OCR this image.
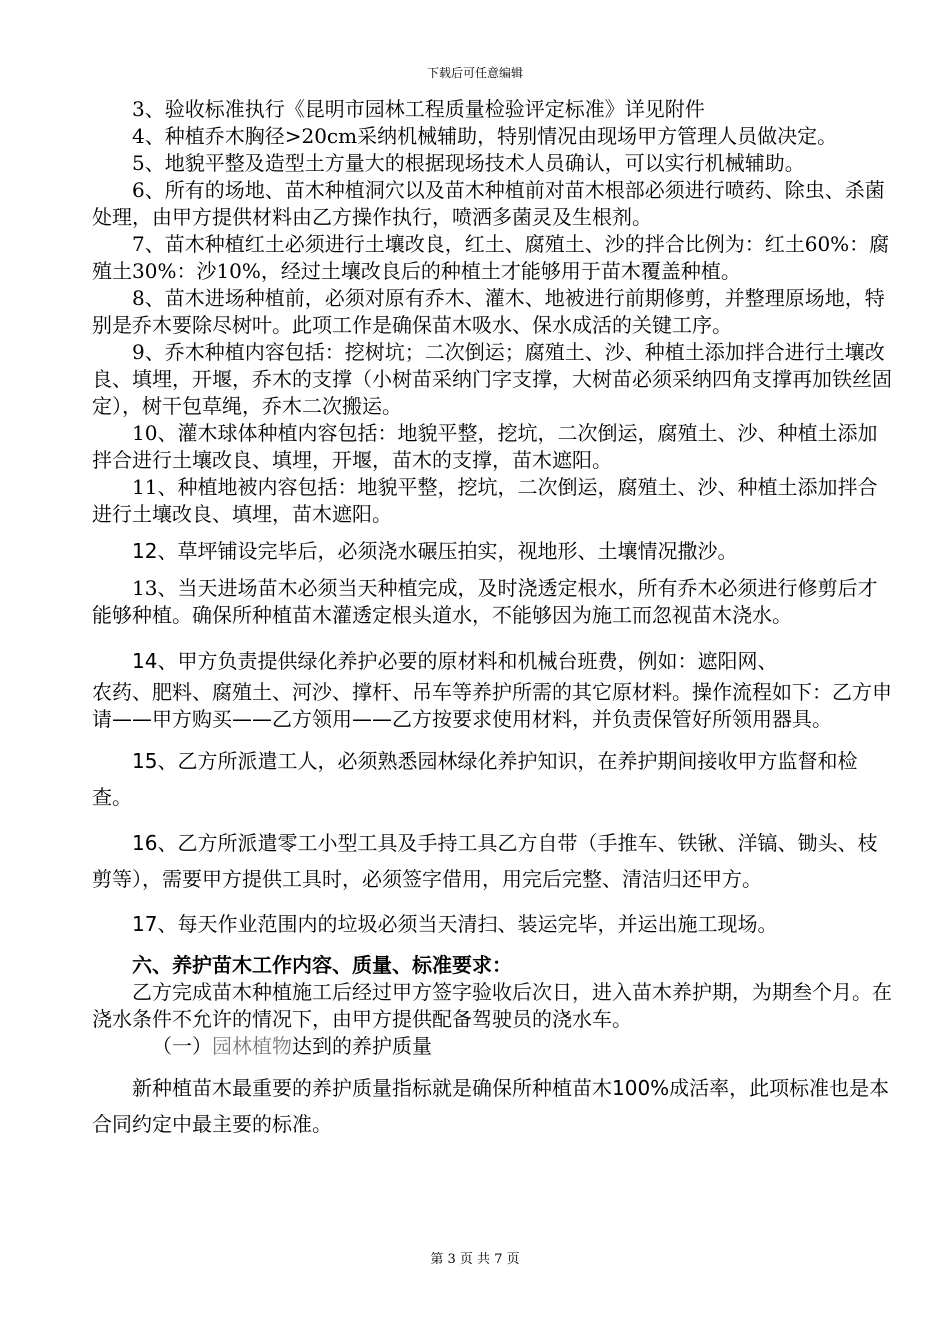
下载后可任意编辑

3、验收标准执行《昆明市园林工程质量检验评定标准》详见附件

4、种植乔木胸径>20cm采纳机械辅助，特别情况由现场甲方管理人员做决定。

5、地貌平整及造型土方量大的根据现场技术人员确认，可以实行机械辅助。

6、所有的场地、苗木种植洞穴以及苗木种植前对苗木根部必须进行喷药、除虫、杀菌处理，由甲方提供材料由乙方操作执行，喷洒多菌灵及生根剂。

7、苗木种植红土必须进行土壤改良，红土、腐殖土、沙的拌合比例为：红土60%：腐殖土30%：沙10%，经过土壤改良后的种植土才能够用于苗木覆盖种植。

8、苗木进场种植前，必须对原有乔木、灌木、地被进行前期修剪，并整理原场地，特别是乔木要除尽树叶。此项工作是确保苗木吸水、保水成活的关键工序。

9、乔木种植内容包括：挖树坑；二次倒运；腐殖土、沙、种植土添加拌合进行土壤改良、填埋，开堰，乔木的支撑（小树苗采纳门字支撑，大树苗必须采纳四角支撑再加铁丝固定），树干包草绳，乔木二次搬运。

10、灌木球体种植内容包括：地貌平整，挖坑，二次倒运，腐殖土、沙、种植土添加拌合进行土壤改良、填埋，开堰，苗木的支撑，苗木遮阳。

11、种植地被内容包括：地貌平整，挖坑，二次倒运，腐殖土、沙、种植土添加拌合进行土壤改良、填埋，苗木遮阳。

12、草坪铺设完毕后，必须浇水碾压拍实，视地形、土壤情况撒沙。

13、当天进场苗木必须当天种植完成，及时浇透定根水，所有乔木必须进行修剪后才能够种植。确保所种植苗木灌透定根头道水，不能够因为施工而忽视苗木浇水。

14、甲方负责提供绿化养护必要的原材料和机械台班费，例如：遮阳网、

农药、肥料、腐殖土、河沙、撑杆、吊车等养护所需的其它原材料。操作流程如下：乙方申请——甲方购买——乙方领用——乙方按要求使用材料，并负责保管好所领用器具。

15、乙方所派遣工人，必须熟悉园林绿化养护知识，在养护期间接收甲方监督和检查。

16、乙方所派遣零工小型工具及手持工具乙方自带（手推车、铁锹、洋镐、锄头、枝剪等），需要甲方提供工具时，必须签字借用，用完后完整、清洁归还甲方。

17、每天作业范围内的垃圾必须当天清扫、装运完毕，并运出施工现场。

六、养护苗木工作内容、质量、标准要求：

乙方完成苗木种植施工后经过甲方签字验收后次日，进入苗木养护期，为期叁个月。在浇水条件不允许的情况下，由甲方提供配备驾驶员的浇水车。

（一）园林植物达到的养护质量

新种植苗木最重要的养护质量指标就是确保所种植苗木100%成活率，此项标准也是本合同约定中最主要的标准。

第 3 页 共 7 页
